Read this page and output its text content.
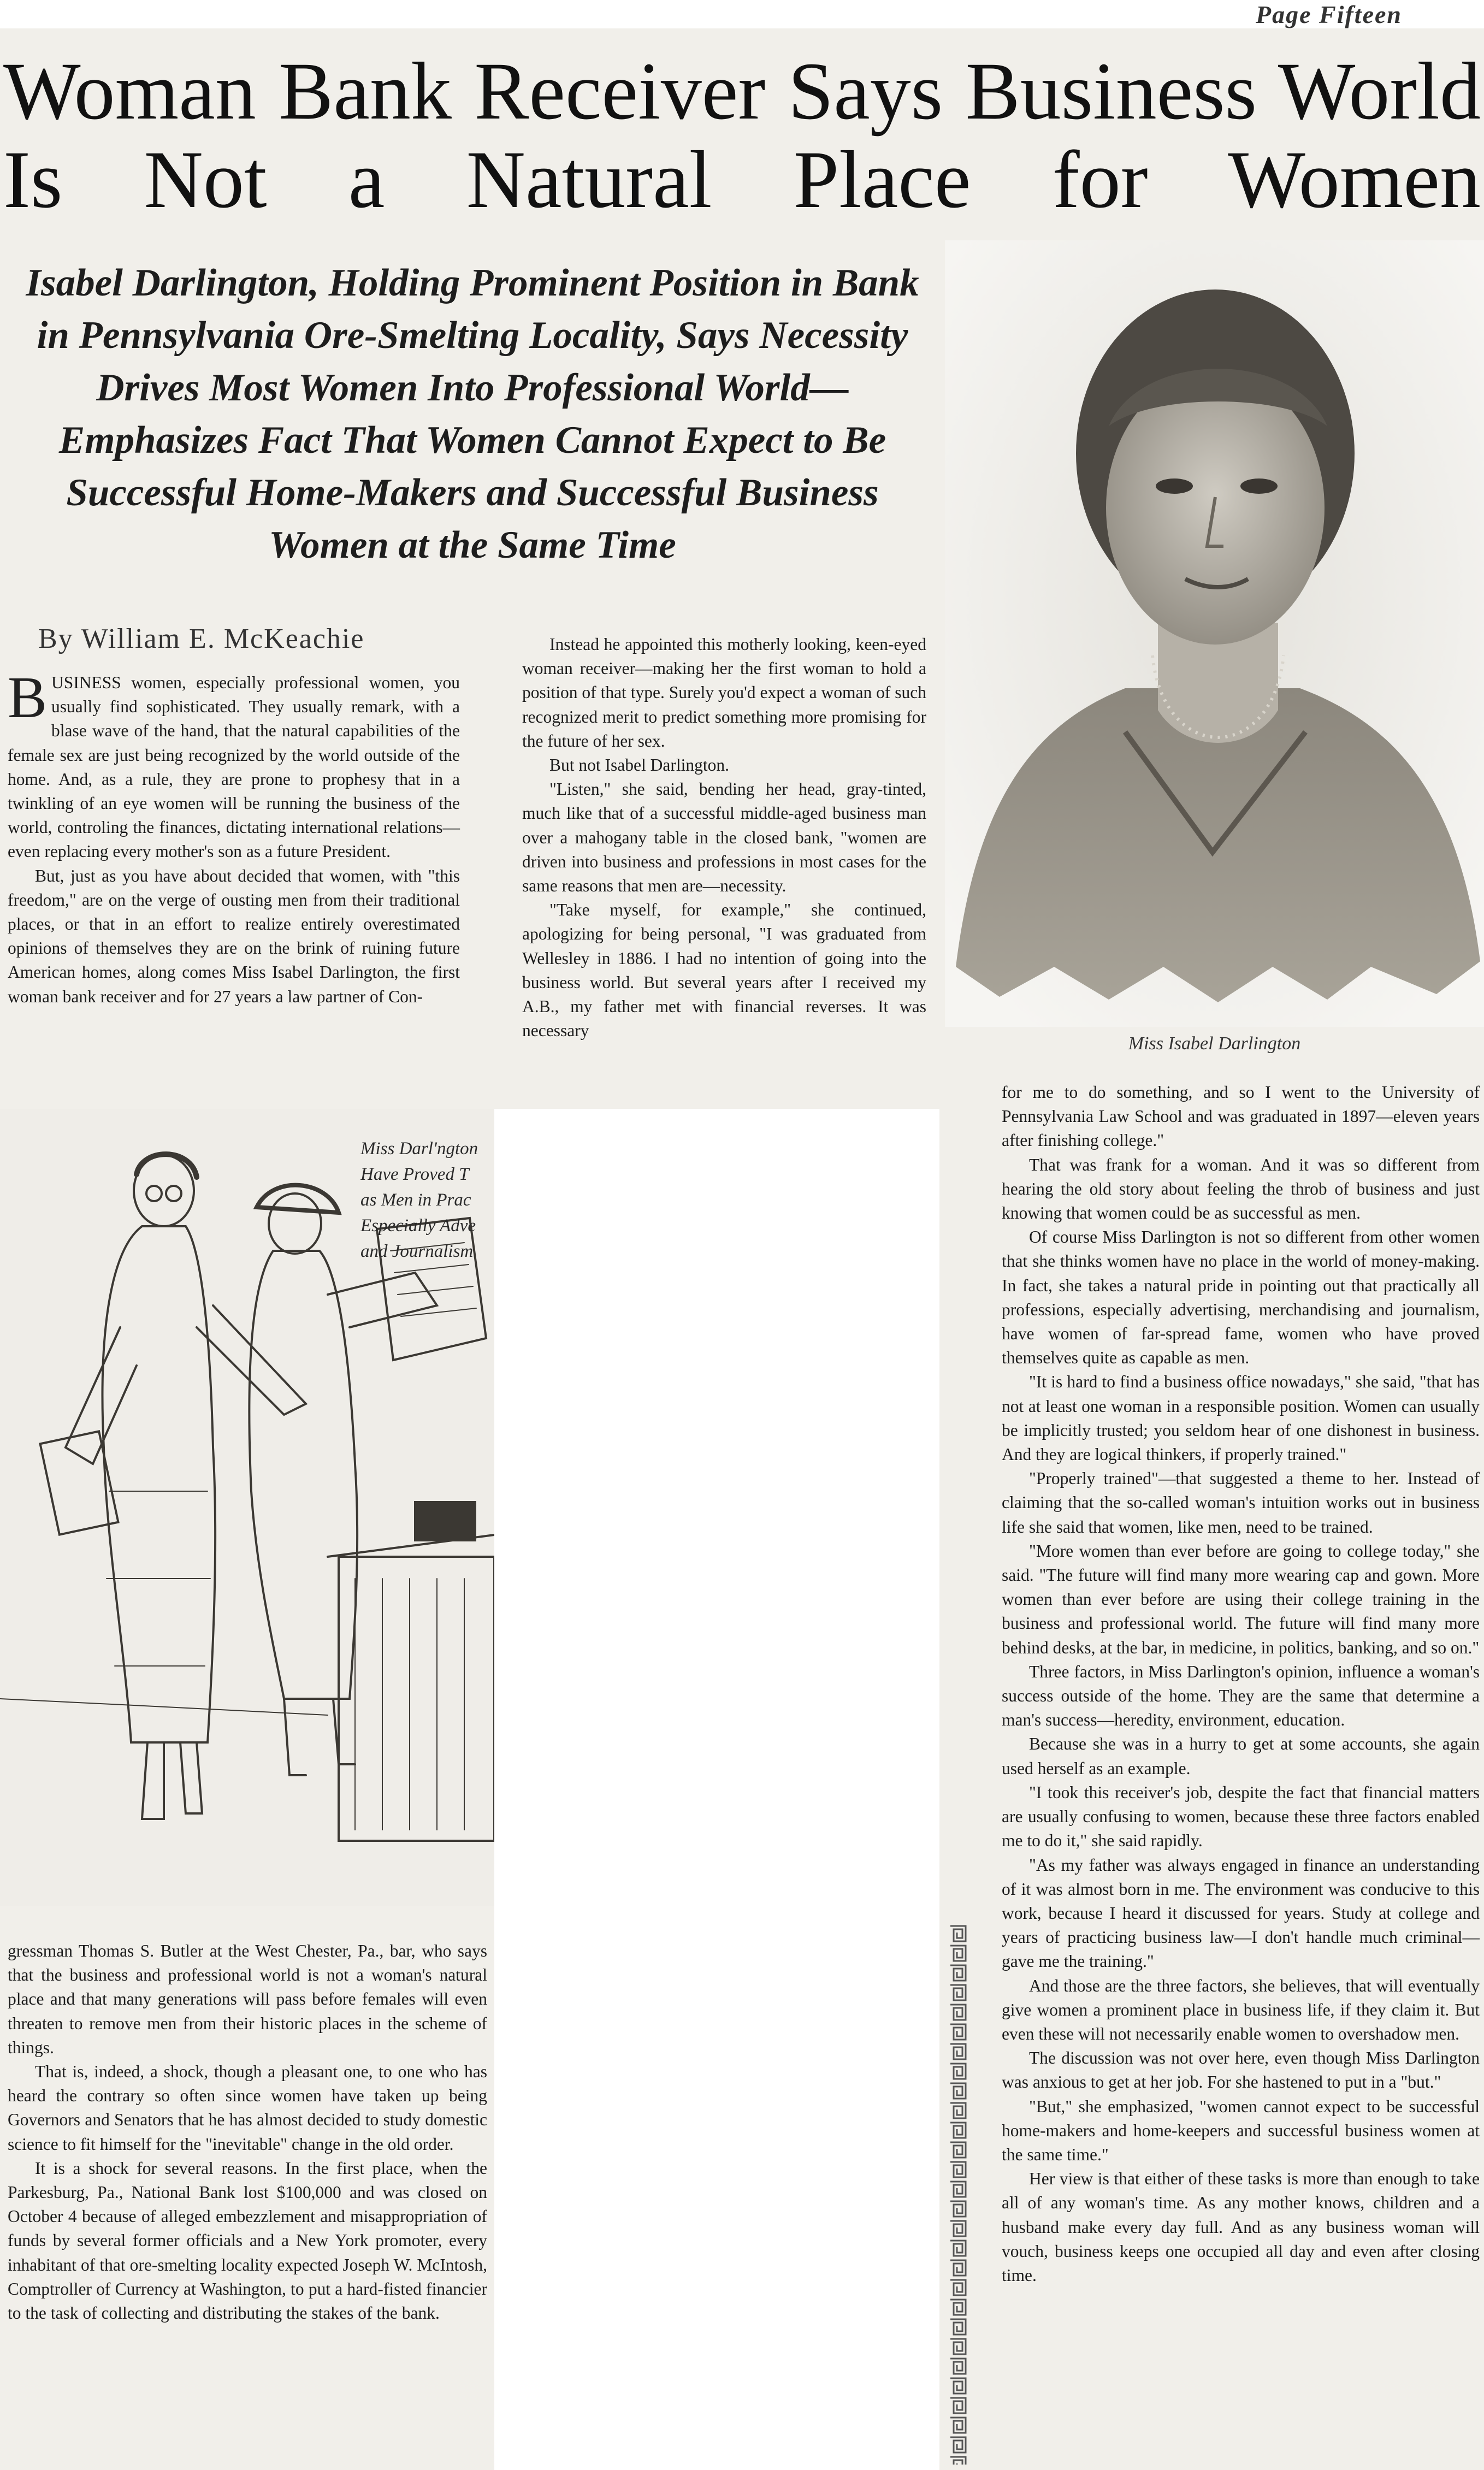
Page Fifteen
Woman Bank Receiver Says Business World Is Not a Natural Place for Women

Isabel Darlington, Holding Prominent Position in Bank in Pennsylvania Ore-Smelting Locality, Says Necessity Drives Most Women Into Professional World—Emphasizes Fact That Women Cannot Expect to Be Successful Home-Makers and Successful Business Women at the Same Time

By William E. McKeachie

BUSINESS women, especially professional women, you usually find sophisticated. They usually remark, with a blase wave of the hand, that the natural capabilities of the female sex are just being recognized by the world outside of the home. And, as a rule, they are prone to prophesy that in a twinkling of an eye women will be running the business of the world, controling the finances, dictating international relations—even replacing every mother's son as a future President.

But, just as you have about decided that women, with "this freedom," are on the verge of ousting men from their traditional places, or that in an effort to realize entirely overestimated opinions of themselves they are on the brink of ruining future American homes, along comes Miss Isabel Darlington, the first woman bank receiver and for 27 years a law partner of Con-

Instead he appointed this motherly looking, keen-eyed woman receiver—making her the first woman to hold a position of that type. Surely you'd expect a woman of such recognized merit to predict something more promising for the future of her sex.

But not Isabel Darlington.

"Listen," she said, bending her head, gray-tinted, much like that of a successful middle-aged business man over a mahogany table in the closed bank, "women are driven into business and professions in most cases for the same reasons that men are—necessity.

"Take myself, for example," she continued, apologizing for being personal, "I was graduated from Wellesley in 1886. I had no intention of going into the business world. But several years after I received my A.B., my father met with financial reverses. It was necessary

Miss Isabel Darlington

for me to do something, and so I went to the University of Pennsylvania Law School and was graduated in 1897—eleven years after finishing college."

That was frank for a woman. And it was so different from hearing the old story about feeling the throb of business and just knowing that women could be as successful as men.

Of course Miss Darlington is not so different from other women that she thinks women have no place in the world of money-making. In fact, she takes a natural pride in pointing out that practically all professions, especially advertising, merchandising and journalism, have women of far-spread fame, women who have proved themselves quite as capable as men.

"It is hard to find a business office nowadays," she said, "that has not at least one woman in a responsible position. Women can usually be implicitly trusted; you seldom hear of one dishonest in business. And they are logical thinkers, if properly trained."

"Properly trained"—that suggested a theme to her. Instead of claiming that the so-called woman's intuition works out in business life she said that women, like men, need to be trained.

"More women than ever before are going to college today," she said. "The future will find many more wearing cap and gown. More women than ever before are using their college training in the business and professional world. The future will find many more behind desks, at the bar, in medicine, in politics, banking, and so on."

Three factors, in Miss Darlington's opinion, influence a woman's success outside of the home. They are the same that determine a man's success—heredity, environment, education.

Because she was in a hurry to get at some accounts, she again used herself as an example.

"I took this receiver's job, despite the fact that financial matters are usually confusing to women, because these three factors enabled me to do it," she said rapidly.

"As my father was always engaged in finance an understanding of it was almost born in me. The environment was conducive to this work, because I heard it discussed for years. Study at college and years of practicing business law—I don't handle much criminal—gave me the training."

And those are the three factors, she believes, that will eventually give women a prominent place in business life, if they claim it. But even these will not necessarily enable women to overshadow men.

The discussion was not over here, even though Miss Darlington was anxious to get at her job. For she hastened to put in a "but."

"But," she emphasized, "women cannot expect to be successful home-makers and home-keepers and successful business women at the same time."

Her view is that either of these tasks is more than enough to take all of any woman's time. As any mother knows, children and a husband make every day full. And as any business woman will vouch, business keeps one occupied all day and even after closing time.

Miss Darl'ngton
Have Proved T
as Men in Prac
Especially Adve
and Journalism

gressman Thomas S. Butler at the West Chester, Pa., bar, who says that the business and professional world is not a woman's natural place and that many generations will pass before females will even threaten to remove men from their historic places in the scheme of things.

That is, indeed, a shock, though a pleasant one, to one who has heard the contrary so often since women have taken up being Governors and Senators that he has almost decided to study domestic science to fit himself for the "inevitable" change in the old order.

It is a shock for several reasons. In the first place, when the Parkesburg, Pa., National Bank lost $100,000 and was closed on October 4 because of alleged embezzlement and misappropriation of funds by several former officials and a New York promoter, every inhabitant of that ore-smelting locality expected Joseph W. McIntosh, Comptroller of Currency at Washington, to put a hard-fisted financier to the task of collecting and distributing the stakes of the bank.
